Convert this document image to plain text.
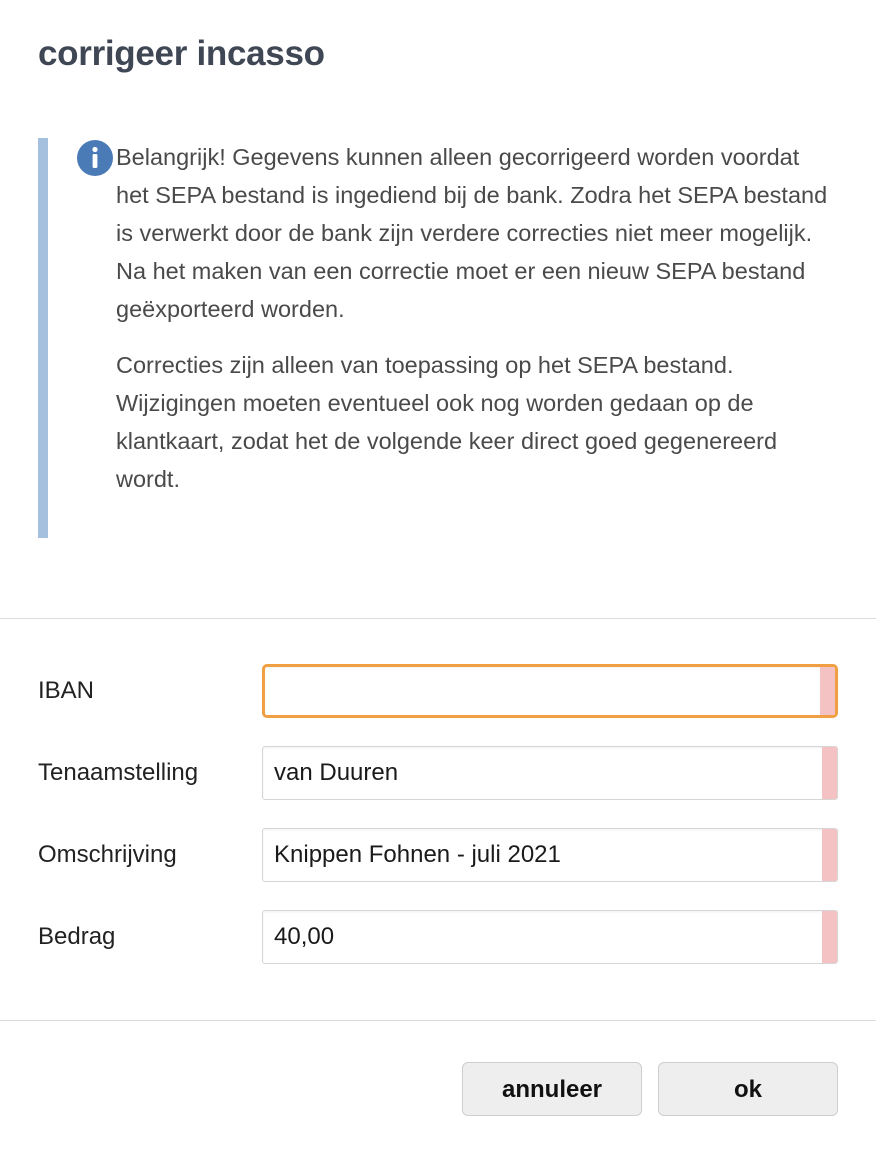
corrigeer incasso

Belangrijk! Gegevens kunnen alleen gecorrigeerd worden voordat het SEPA bestand is ingediend bij de bank. Zodra het SEPA bestand is verwerkt door de bank zijn verdere correcties niet meer mogelijk. Na het maken van een correctie moet er een nieuw SEPA bestand geëxporteerd worden.

Correcties zijn alleen van toepassing op het SEPA bestand. Wijzigingen moeten eventueel ook nog worden gedaan op de klantkaart, zodat het de volgende keer direct goed gegenereerd wordt.

IBAN
Tenaamstelling
van Duuren
Omschrijving
Knippen Fohnen - juli 2021
Bedrag
40,00
annuleer	ok
